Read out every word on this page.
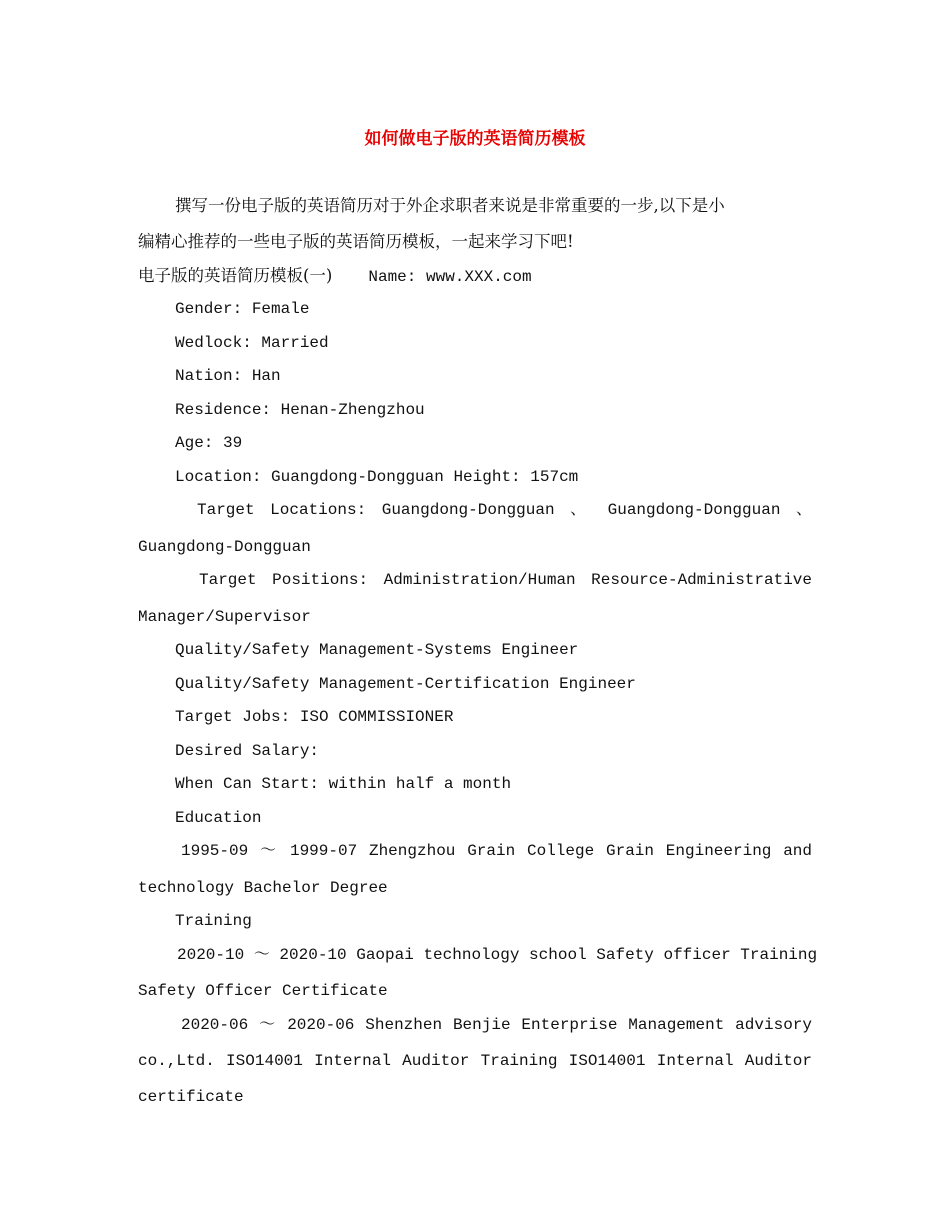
如何做电子版的英语简历模板
撰写一份电子版的英语简历对于外企求职者来说是非常重要的一步,以下是小
编精心推荐的一些电子版的英语简历模板，一起来学习下吧!
电子版的英语简历模板(一) Name: www.XXX.com
Gender: Female
Wedlock: Married
Nation: Han
Residence: Henan-Zhengzhou
Age: 39
Location: Guangdong-Dongguan Height: 157cm
Target Locations: Guangdong-Dongguan 、 Guangdong-Dongguan 、
Guangdong-Dongguan
Target Positions: Administration/Human Resource-Administrative
Manager/Supervisor
Quality/Safety Management-Systems Engineer
Quality/Safety Management-Certification Engineer
Target Jobs: ISO COMMISSIONER
Desired Salary:
When Can Start: within half a month
Education
1995-09 ～ 1999-07 Zhengzhou Grain College Grain Engineering and
technology Bachelor Degree
Training
2020-10 ～ 2020-10 Gaopai technology school Safety officer Training
Safety Officer Certificate
2020-06 ～ 2020-06 Shenzhen Benjie Enterprise Management advisory
co.,Ltd. ISO14001 Internal Auditor Training ISO14001 Internal Auditor
certificate
